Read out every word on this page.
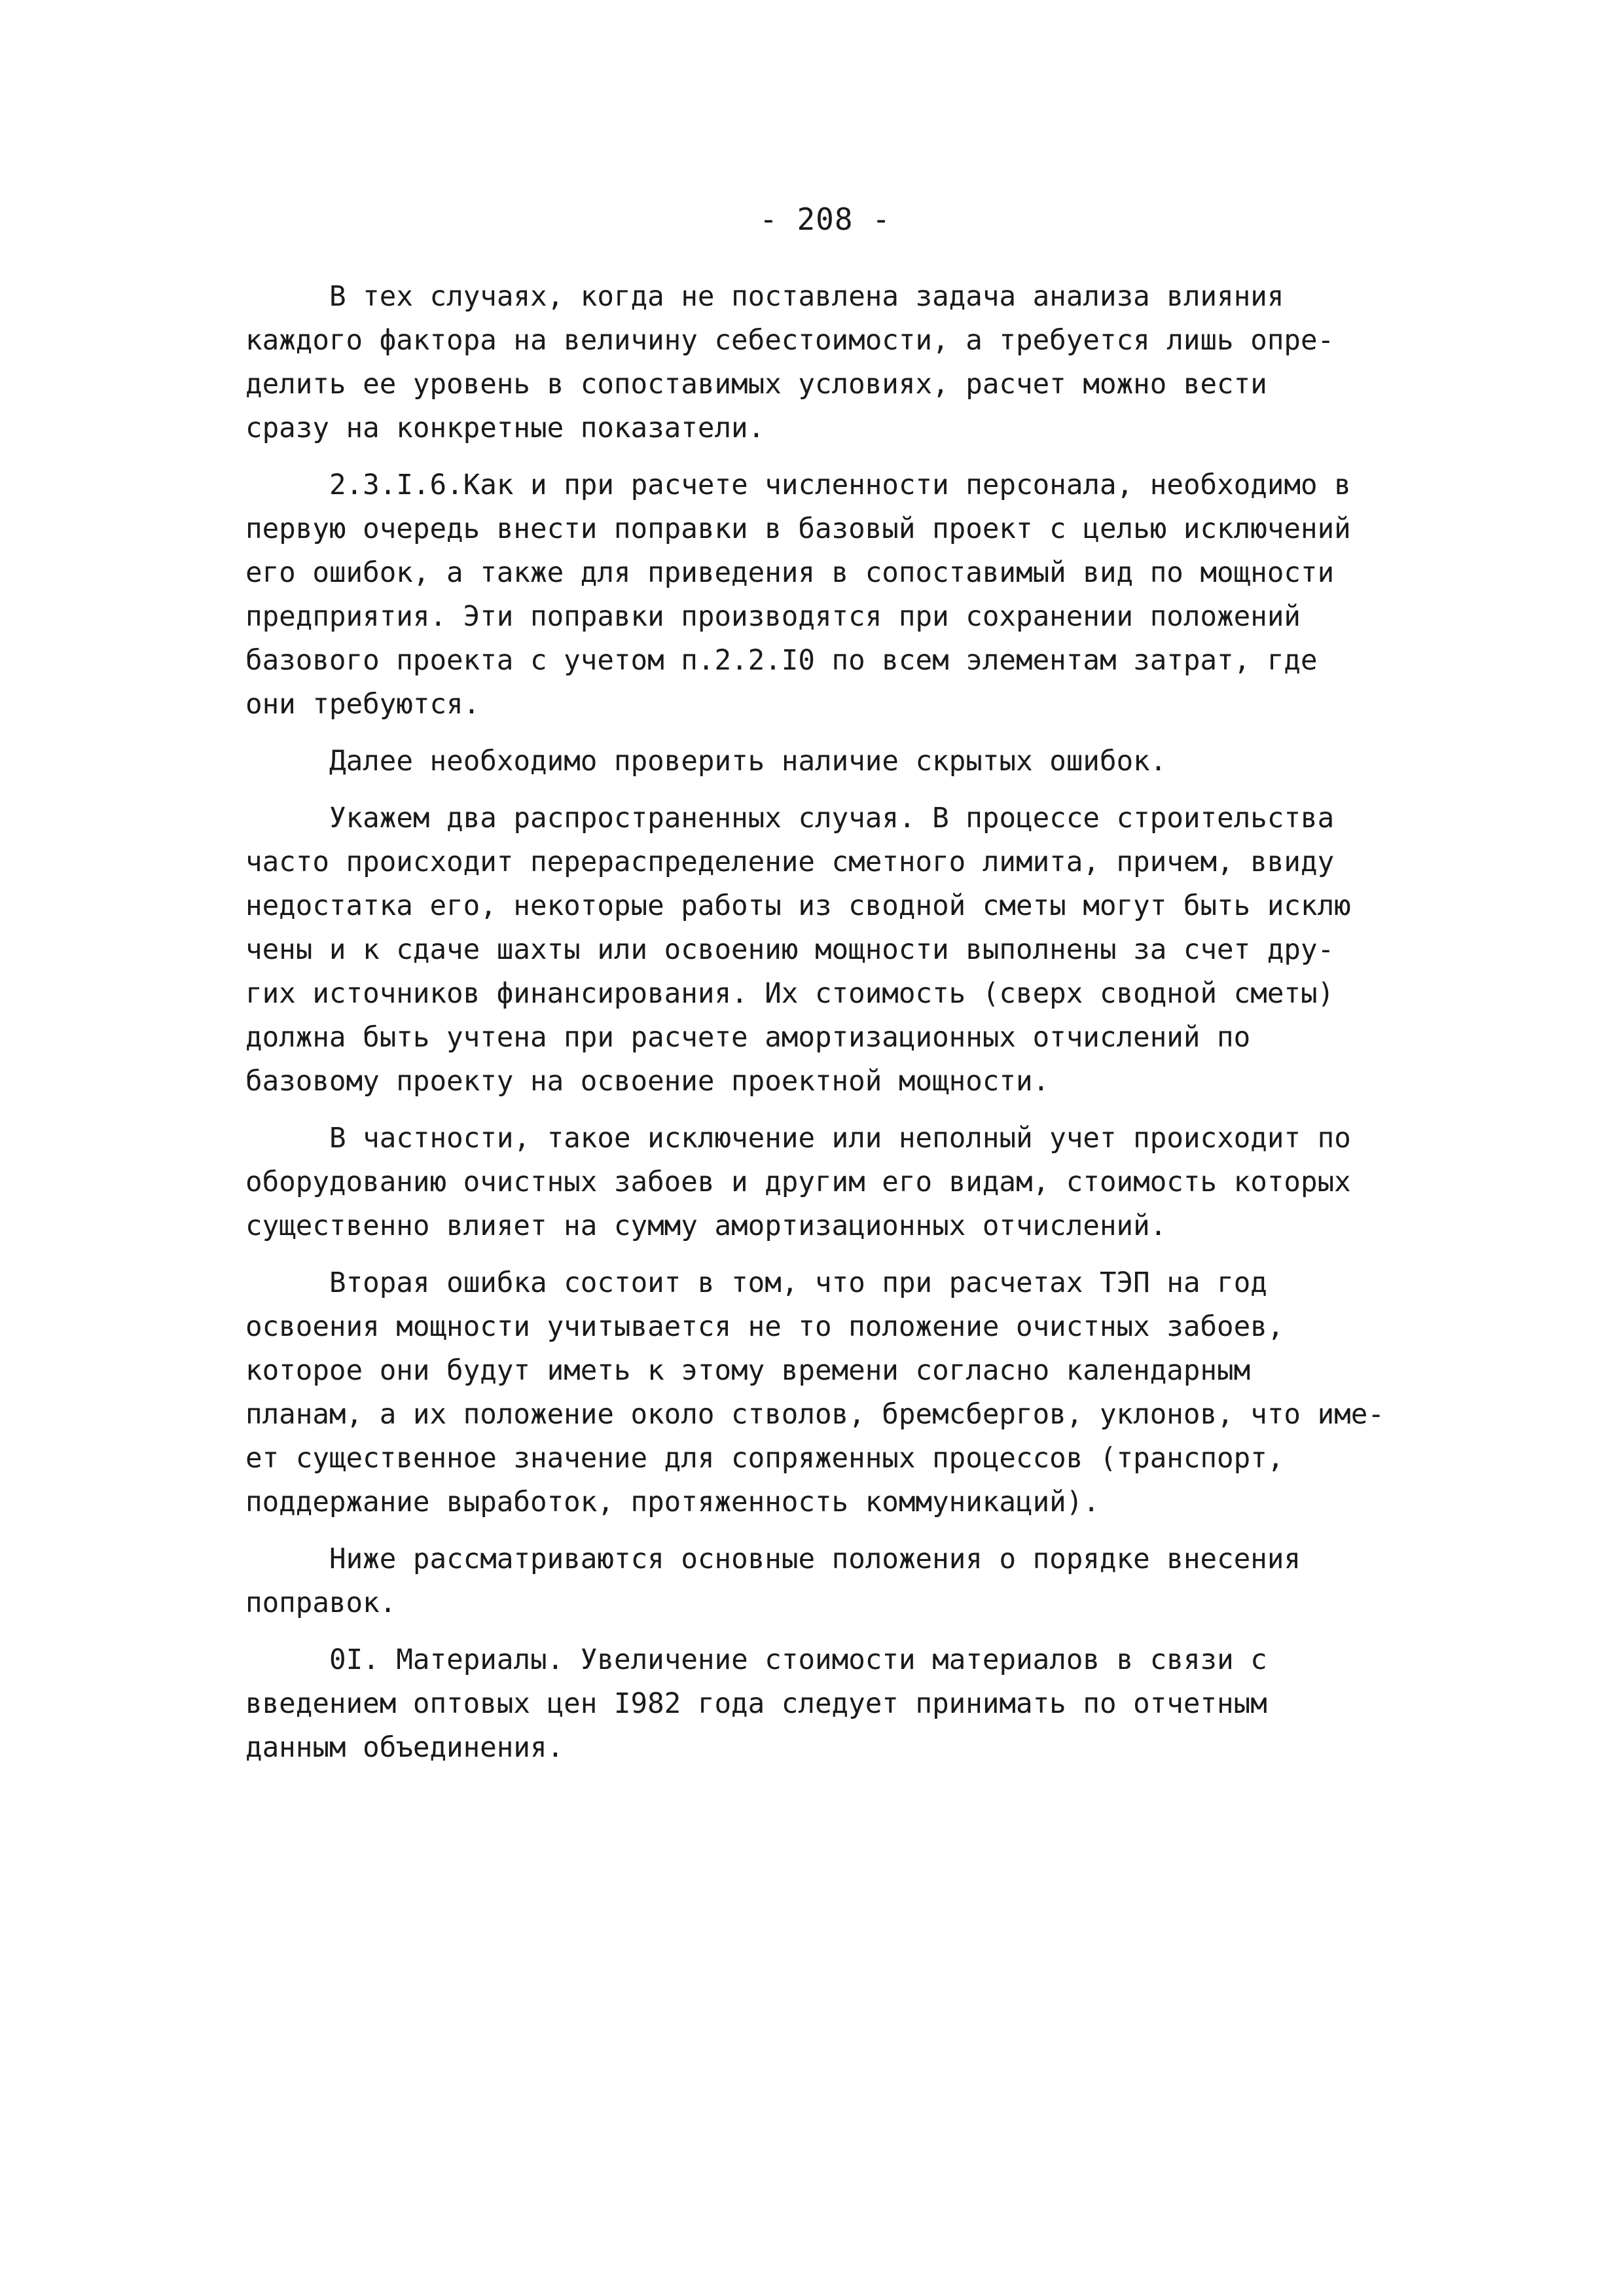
- 208 -
В тех случаях, когда не поставлена задача анализа влияния
каждого фактора на величину себестоимости, а требуется лишь опре-
делить ее уровень в сопоставимых условиях, расчет можно вести
сразу на конкретные показатели.
2.3.I.6.Как и при расчете численности персонала, необходимо в
первую очередь внести поправки в базовый проект с целью исключений
его ошибок, а также для приведения в сопоставимый вид по мощности
предприятия. Эти поправки производятся при сохранении положений
базового проекта с учетом п.2.2.I0 по всем элементам затрат, где
они требуются.
Далее необходимо проверить наличие скрытых ошибок.
Укажем два распространенных случая. В процессе строительства
часто происходит перераспределение сметного лимита, причем, ввиду
недостатка его, некоторые работы из сводной сметы могут быть исклю
чены и к сдаче шахты или освоению мощности выполнены за счет дру-
гих источников финансирования. Их стоимость (сверх сводной сметы)
должна быть учтена при расчете амортизационных отчислений по
базовому проекту на освоение проектной мощности.
В частности, такое исключение или неполный учет происходит по
оборудованию очистных забоев и другим его видам, стоимость которых
существенно влияет на сумму амортизационных отчислений.
Вторая ошибка состоит в том, что при расчетах ТЭП на год
освоения мощности учитывается не то положение очистных забоев,
которое они будут иметь к этому времени согласно календарным
планам, а их положение около стволов, бремсбергов, уклонов, что име-
ет существенное значение для сопряженных процессов (транспорт,
поддержание выработок, протяженность коммуникаций).
Ниже рассматриваются основные положения о порядке внесения
поправок.
0I. Материалы. Увеличение стоимости материалов в связи с
введением оптовых цен I982 года следует принимать по отчетным
данным объединения.
